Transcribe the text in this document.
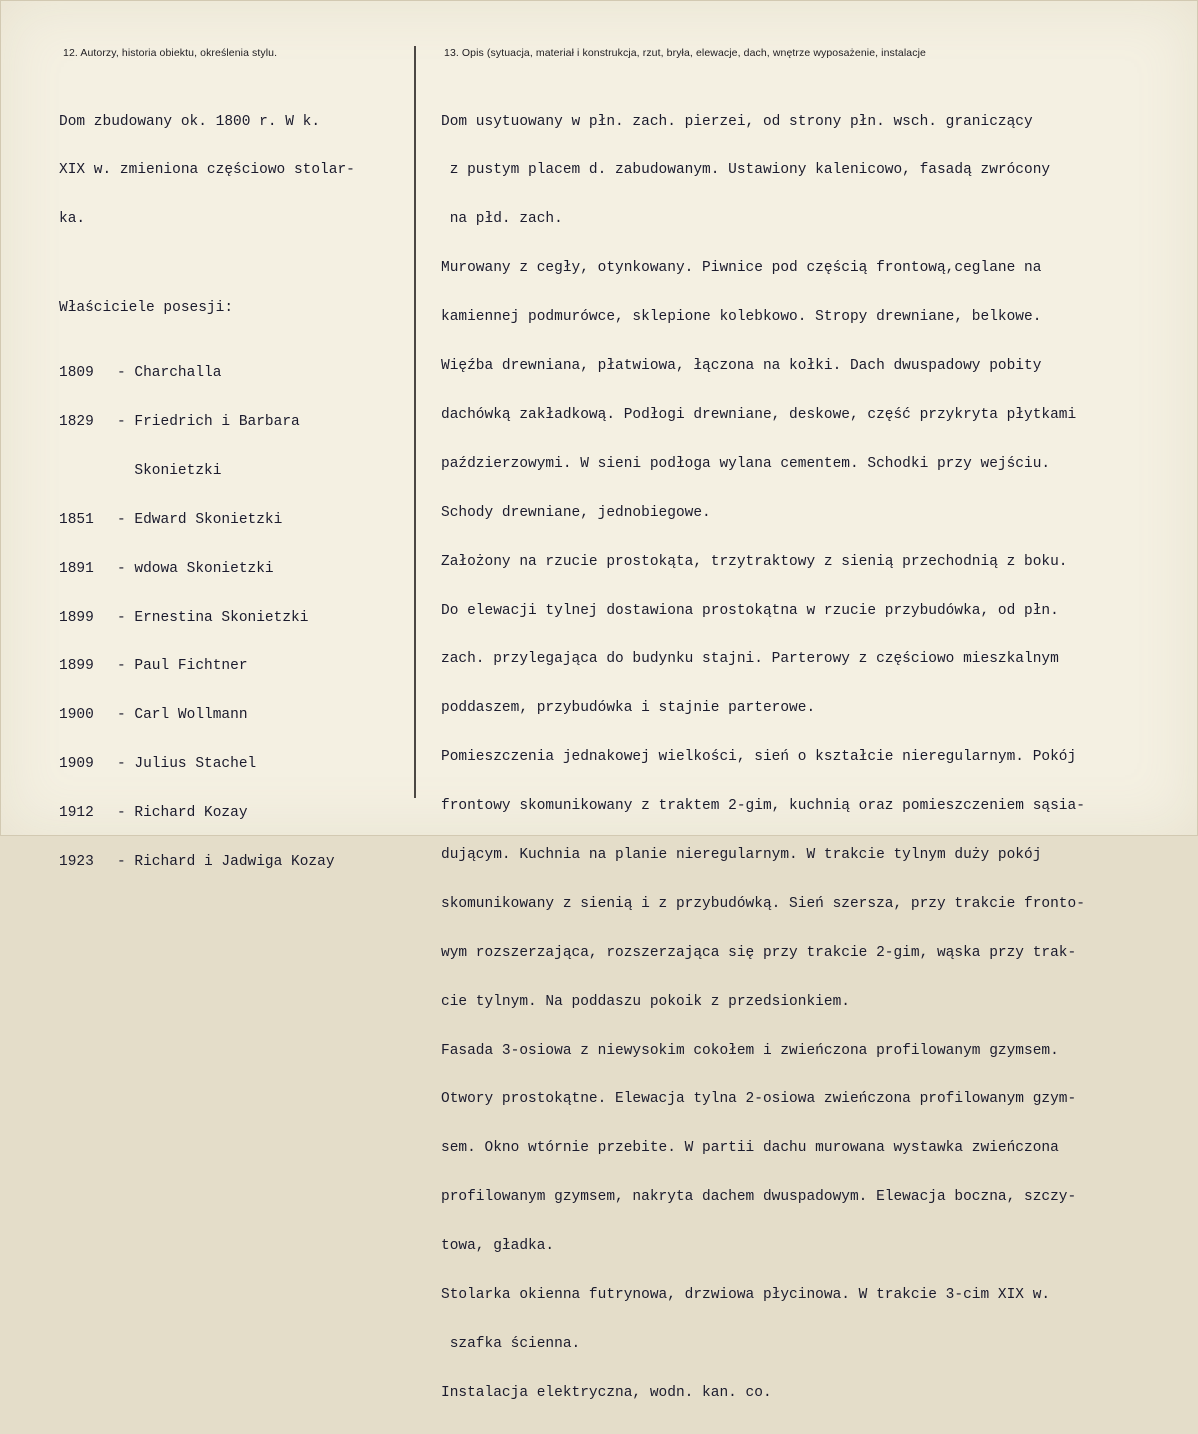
12. Autorzy, historia obiektu, określenia stylu.	13. Opis (sytuacja, materiał i konstrukcja, rzut, bryła, elewacje, dach, wnętrze wyposażenie, instalacje

Dom zbudowany ok. 1800 r. W k.

XIX w. zmieniona częściowo stolar-

ka.

Właściciele posesji:

1809 - Charchalla

1829 - Friedrich i Barbara

Skonietzki

1851 - Edward Skonietzki

1891 - wdowa Skonietzki

1899 - Ernestina Skonietzki

1899 - Paul Fichtner

1900 - Carl Wollmann

1909 - Julius Stachel

1912 - Richard Kozay

1923 - Richard i Jadwiga Kozay

Dom usytuowany w płn. zach. pierzei, od strony płn. wsch. graniczący

z pustym placem d. zabudowanym. Ustawiony kalenicowo, fasadą zwrócony

na płd. zach.

Murowany z cegły, otynkowany. Piwnice pod częścią frontową,ceglane na

kamiennej podmurówce, sklepione kolebkowo. Stropy drewniane, belkowe.

Więźba drewniana, płatwiowa, łączona na kołki. Dach dwuspadowy pobity

dachówką zakładkową. Podłogi drewniane, deskowe, część przykryta płytkami

paździerzowymi. W sieni podłoga wylana cementem. Schodki przy wejściu.

Schody drewniane, jednobiegowe.

Założony na rzucie prostokąta, trzytraktowy z sienią przechodnią z boku.

Do elewacji tylnej dostawiona prostokątna w rzucie przybudówka, od płn.

zach. przylegająca do budynku stajni. Parterowy z częściowo mieszkalnym

poddaszem, przybudówka i stajnie parterowe.

Pomieszczenia jednakowej wielkości, sień o kształcie nieregularnym. Pokój

frontowy skomunikowany z traktem 2-gim, kuchnią oraz pomieszczeniem sąsia-

dującym. Kuchnia na planie nieregularnym. W trakcie tylnym duży pokój

skomunikowany z sienią i z przybudówką. Sień szersza, przy trakcie fronto-

wym rozszerzająca, rozszerzająca się przy trakcie 2-gim, wąska przy trak-

cie tylnym. Na poddaszu pokoik z przedsionkiem.

Fasada 3-osiowa z niewysokim cokołem i zwieńczona profilowanym gzymsem.

Otwory prostokątne. Elewacja tylna 2-osiowa zwieńczona profilowanym gzym-

sem. Okno wtórnie przebite. W partii dachu murowana wystawka zwieńczona

profilowanym gzymsem, nakryta dachem dwuspadowym. Elewacja boczna, szczy-

towa, gładka.

Stolarka okienna futrynowa, drzwiowa płycinowa. W trakcie 3-cim XIX w.

szafka ścienna.

Instalacja elektryczna, wodn. kan. co.
